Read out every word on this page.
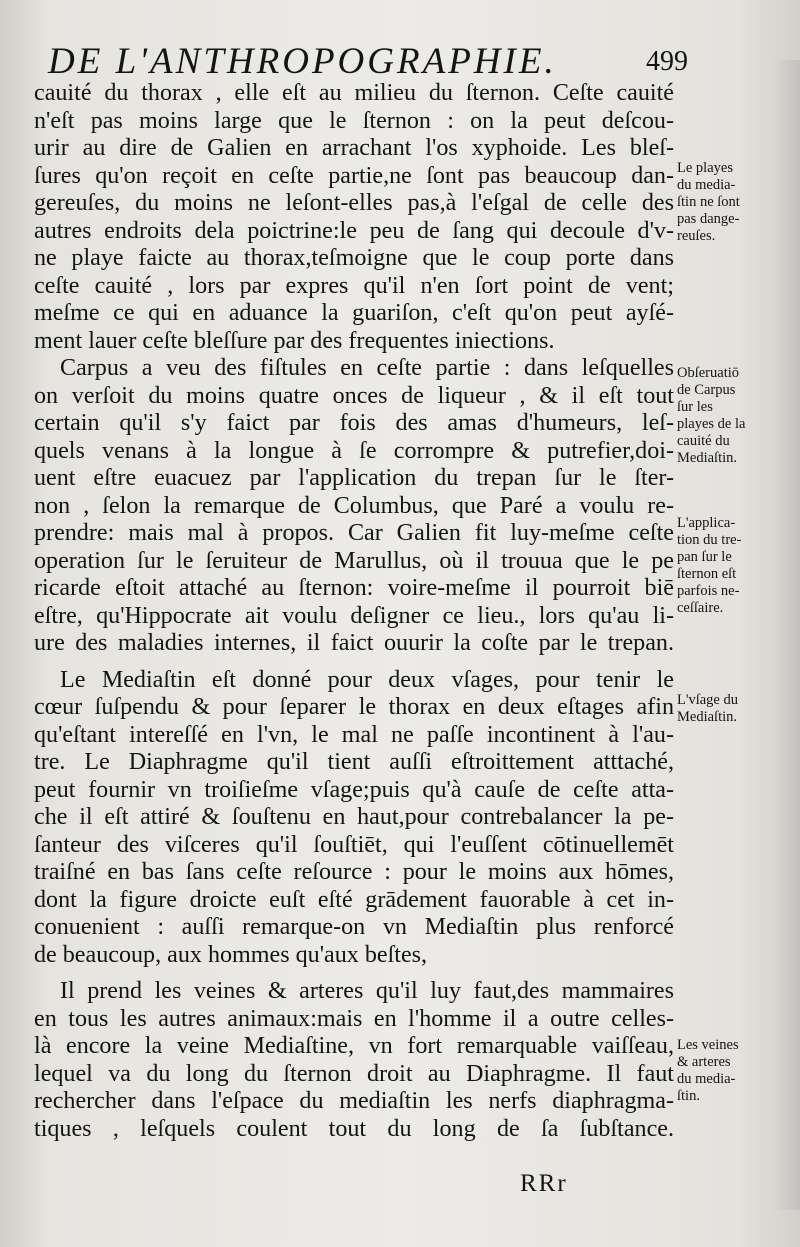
DE L'ANTHROPOGRAPHIE.	499
cauité du thorax , elle eſt au milieu du ſternon. Ceſte cauité
n'eſt pas moins large que le ſternon : on la peut deſcou-
urir au dire de Galien en arrachant l'os xyphoide. Les bleſ-
ſures qu'on reçoit en ceſte partie,ne ſont pas beaucoup dan-
gereuſes, du moins ne leſont-elles pas,à l'eſgal de celle des
autres endroits dela poictrine:le peu de ſang qui decoule d'v-
ne playe faicte au thorax,teſmoigne que le coup porte dans
ceſte cauité , lors par expres qu'il n'en ſort point de vent;
meſme ce qui en aduance la guariſon, c'eſt qu'on peut ayſé-
ment lauer ceſte bleſſure par des frequentes iniections.
Carpus a veu des fiſtules en ceſte partie : dans leſquelles
on verſoit du moins quatre onces de liqueur , & il eſt tout
certain qu'il s'y faict par fois des amas d'humeurs, leſ-
quels venans à la longue à ſe corrompre & putrefier,doi-
uent eſtre euacuez par l'application du trepan ſur le ſter-
non , ſelon la remarque de Columbus, que Paré a voulu re-
prendre: mais mal à propos. Car Galien fit luy-meſme ceſte
operation ſur le ſeruiteur de Marullus, où il trouua que le pe
ricarde eſtoit attaché au ſternon: voire-meſme il pourroit biē
eſtre, qu'Hippocrate ait voulu deſigner ce lieu., lors qu'au li-
ure des maladies internes, il faict ouurir la coſte par le trepan.
Le Mediaſtin eſt donné pour deux vſages, pour tenir le
cœur ſuſpendu & pour ſeparer le thorax en deux eſtages afin
qu'eſtant intereſſé en l'vn, le mal ne paſſe incontinent à l'au-
tre. Le Diaphragme qu'il tient auſſi eſtroittement atttaché,
peut fournir vn troiſieſme vſage;puis qu'à cauſe de ceſte atta-
che il eſt attiré & ſouſtenu en haut,pour contrebalancer la pe-
ſanteur des viſceres qu'il ſouſtiēt, qui l'euſſent cōtinuellemēt
traiſné en bas ſans ceſte reſource : pour le moins aux hōmes,
dont la figure droicte euſt eſté grādement fauorable à cet in-
conuenient : auſſi remarque-on vn Mediaſtin plus renforcé
de beaucoup, aux hommes qu'aux beſtes,
Il prend les veines & arteres qu'il luy faut,des mammaires
en tous les autres animaux:mais en l'homme il a outre celles-
là encore la veine Mediaſtine, vn fort remarquable vaiſſeau,
lequel va du long du ſternon droit au Diaphragme. Il faut
rechercher dans l'eſpace du mediaſtin les nerfs diaphragma-
tiques , leſquels coulent tout du long de ſa ſubſtance.
Le playes
du media-
ſtin ne ſont
pas dange-
reuſes.
Obſeruatiō
de Carpus
ſur les
playes de la
cauité du
Mediaſtin.
L'applica-
tion du tre-
pan ſur le
ſternon eſt
parfois ne-
ceſſaire.
L'vſage du
Mediaſtin.
Les veines
& arteres
du media-
ſtin.
RRr
